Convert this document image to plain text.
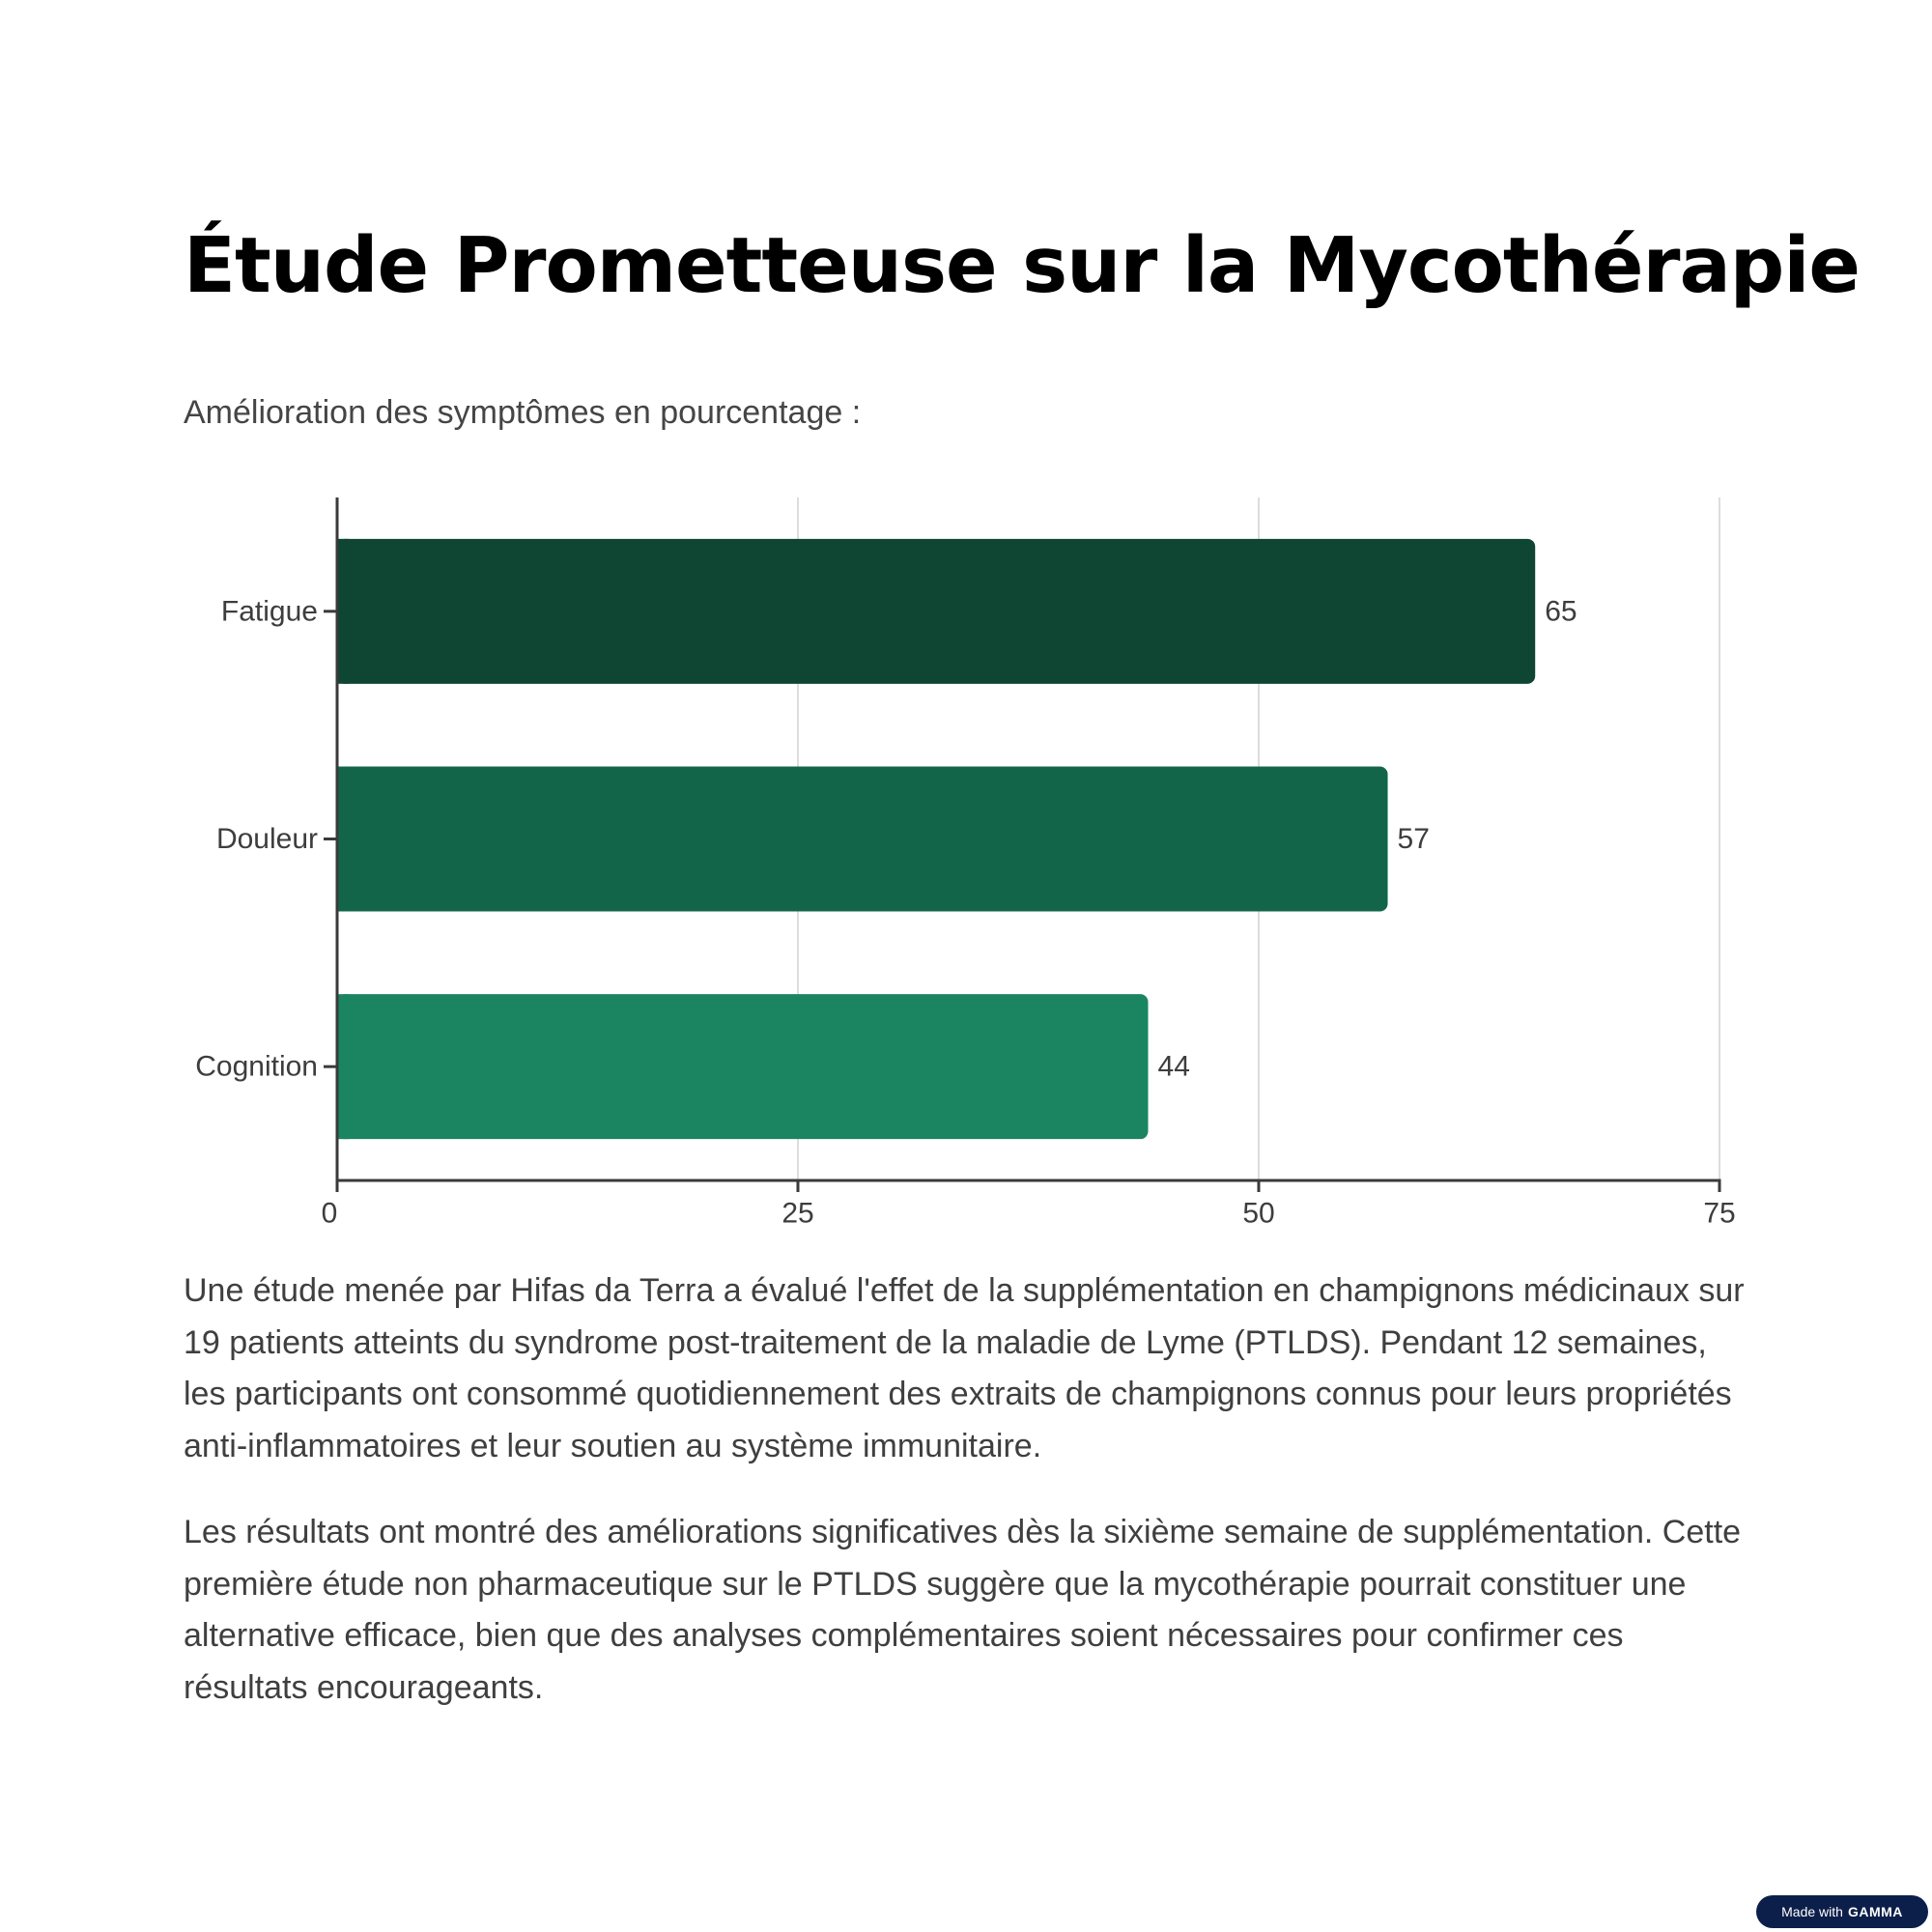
Étude Prometteuse sur la Mycothérapie
Amélioration des symptômes en pourcentage :
Fatigue	65
Douleur	57
Cognition	44
0	25	50	75

Une étude menée par Hifas da Terra a évalué l'effet de la supplémentation en champignons médicinaux sur 19 patients atteints du syndrome post-traitement de la maladie de Lyme (PTLDS). Pendant 12 semaines, les participants ont consommé quotidiennement des extraits de champignons connus pour leurs propriétés anti-inflammatoires et leur soutien au système immunitaire.

Les résultats ont montré des améliorations significatives dès la sixième semaine de supplémentation. Cette première étude non pharmaceutique sur le PTLDS suggère que la mycothérapie pourrait constituer une alternative efficace, bien que des analyses complémentaires soient nécessaires pour confirmer ces résultats encourageants.

Made with GAMMA
